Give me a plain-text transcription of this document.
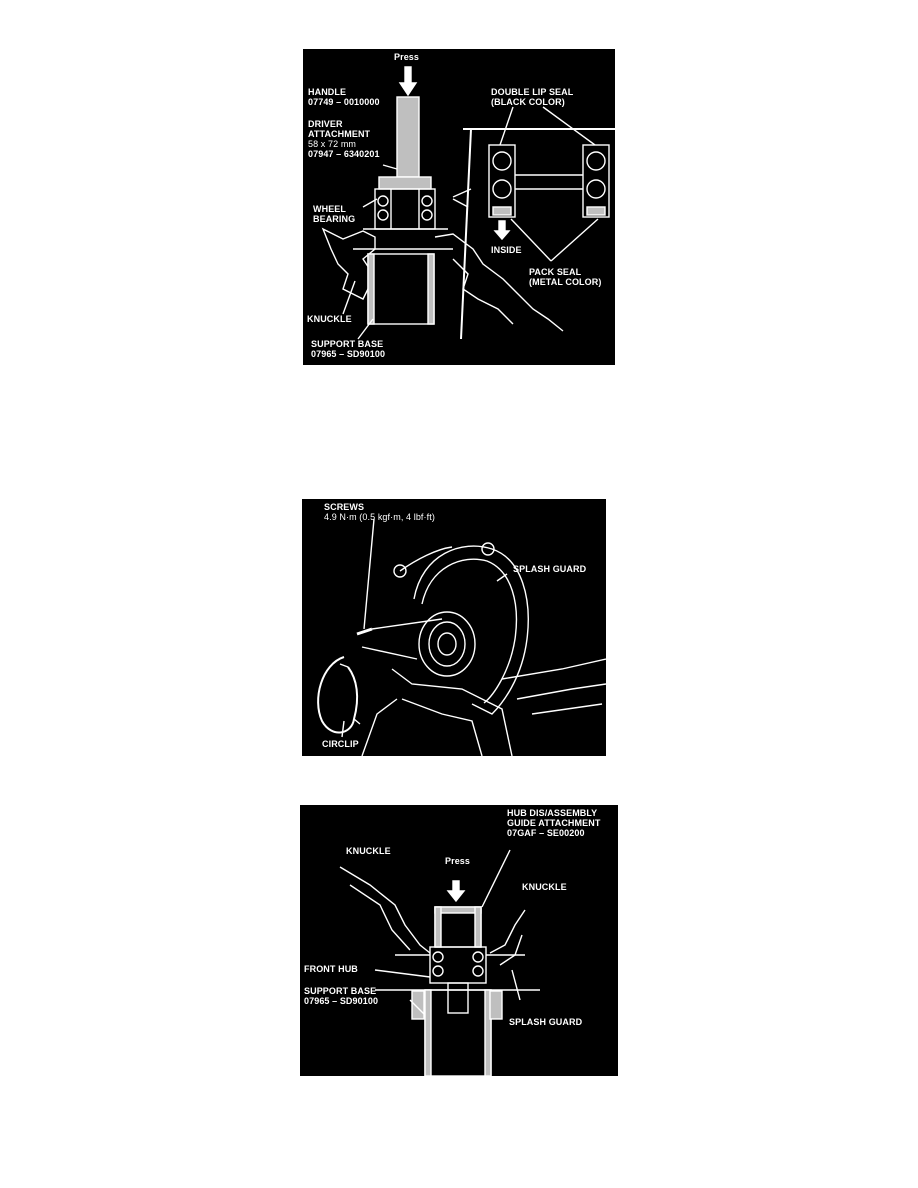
Press
HANDLE
07749 – 0010000
DRIVER
ATTACHMENT
58 x 72 mm
07947 – 6340201
WHEEL
BEARING
KNUCKLE
SUPPORT BASE
07965 – SD90100
DOUBLE LIP SEAL
(BLACK COLOR)
INSIDE
PACK SEAL
(METAL COLOR)
SCREWS
4.9 N·m (0.5 kgf·m, 4 lbf·ft)
SPLASH GUARD
CIRCLIP
HUB DIS/ASSEMBLY
GUIDE ATTACHMENT
07GAF – SE00200
KNUCKLE
Press
KNUCKLE
FRONT HUB
SUPPORT BASE
07965 – SD90100
SPLASH GUARD
